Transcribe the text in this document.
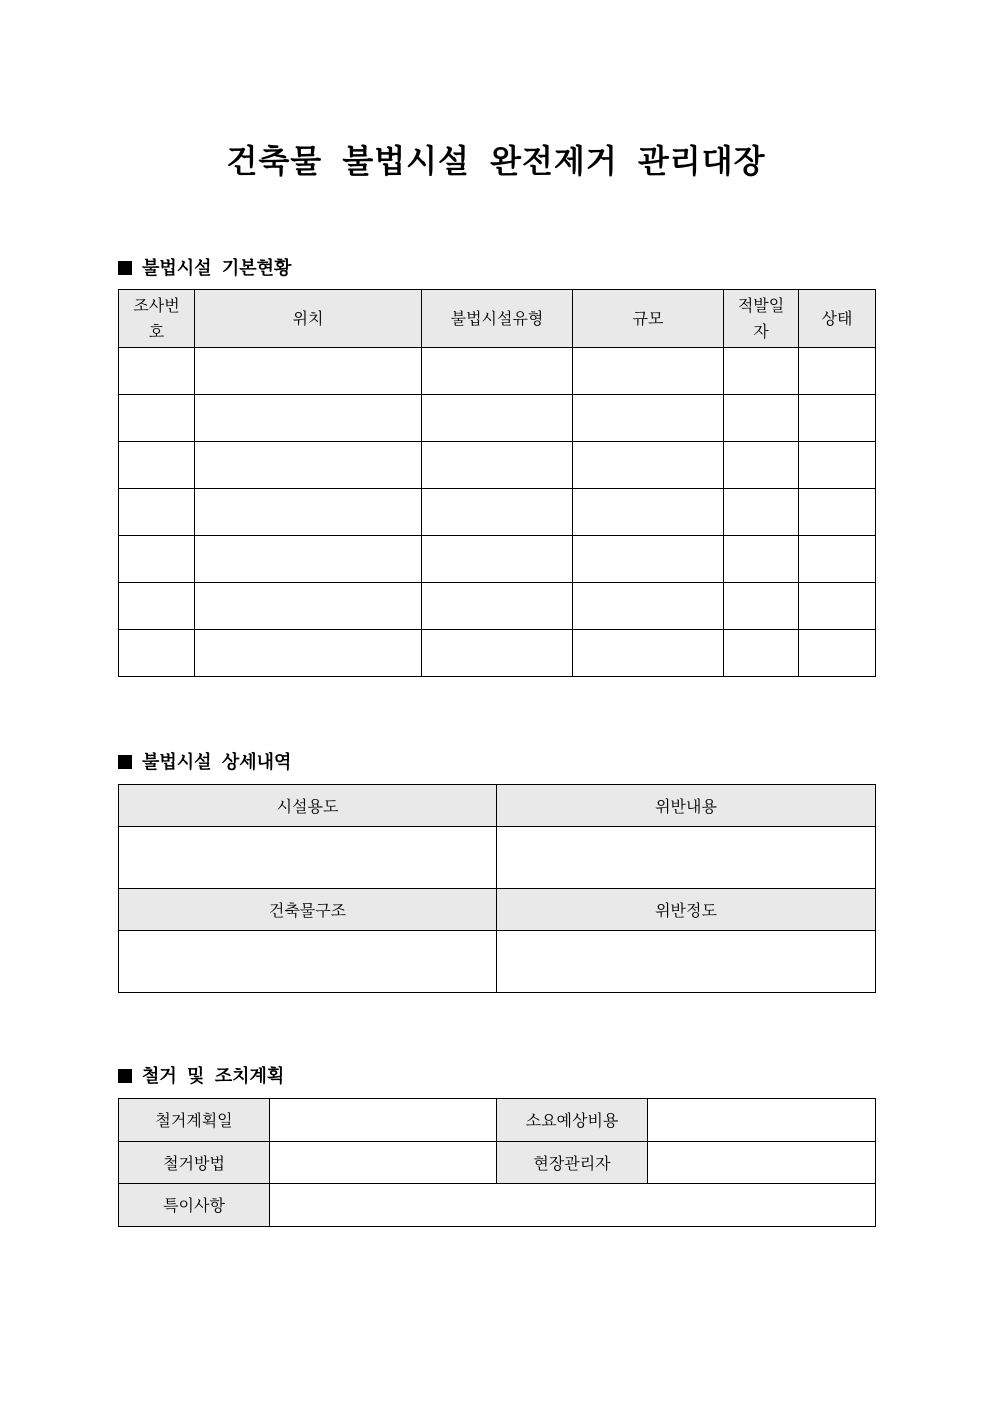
건축물 불법시설 완전제거 관리대장
불법시설 기본현황
조사번호	위치	불법시설유형	규모	적발일자	상태

불법시설 상세내역
시설용도	위반내용

건축물구조	위반정도

철거 및 조치계획
철거계획일		소요예상비용	
철거방법		현장관리자	
특이사항			
